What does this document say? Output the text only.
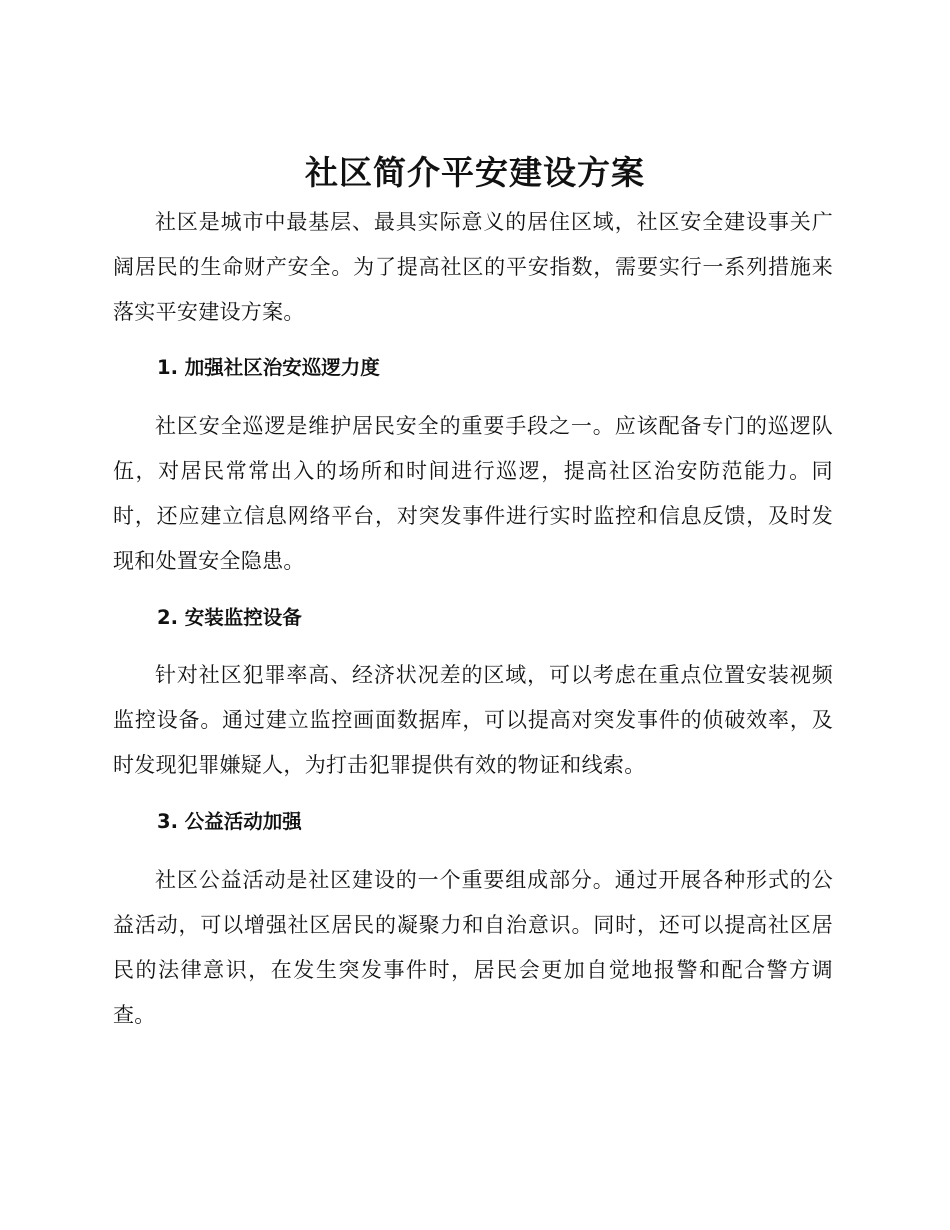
社区简介平安建设方案

社区是城市中最基层、最具实际意义的居住区域，社区安全建设事关广阔居民的生命财产安全。为了提高社区的平安指数，需要实行一系列措施来落实平安建设方案。

1. 加强社区治安巡逻力度

社区安全巡逻是维护居民安全的重要手段之一。应该配备专门的巡逻队伍，对居民常常出入的场所和时间进行巡逻，提高社区治安防范能力。同时，还应建立信息网络平台，对突发事件进行实时监控和信息反馈，及时发现和处置安全隐患。

2. 安装监控设备

针对社区犯罪率高、经济状况差的区域，可以考虑在重点位置安装视频监控设备。通过建立监控画面数据库，可以提高对突发事件的侦破效率，及时发现犯罪嫌疑人，为打击犯罪提供有效的物证和线索。

3. 公益活动加强

社区公益活动是社区建设的一个重要组成部分。通过开展各种形式的公益活动，可以增强社区居民的凝聚力和自治意识。同时，还可以提高社区居民的法律意识，在发生突发事件时，居民会更加自觉地报警和配合警方调查。
